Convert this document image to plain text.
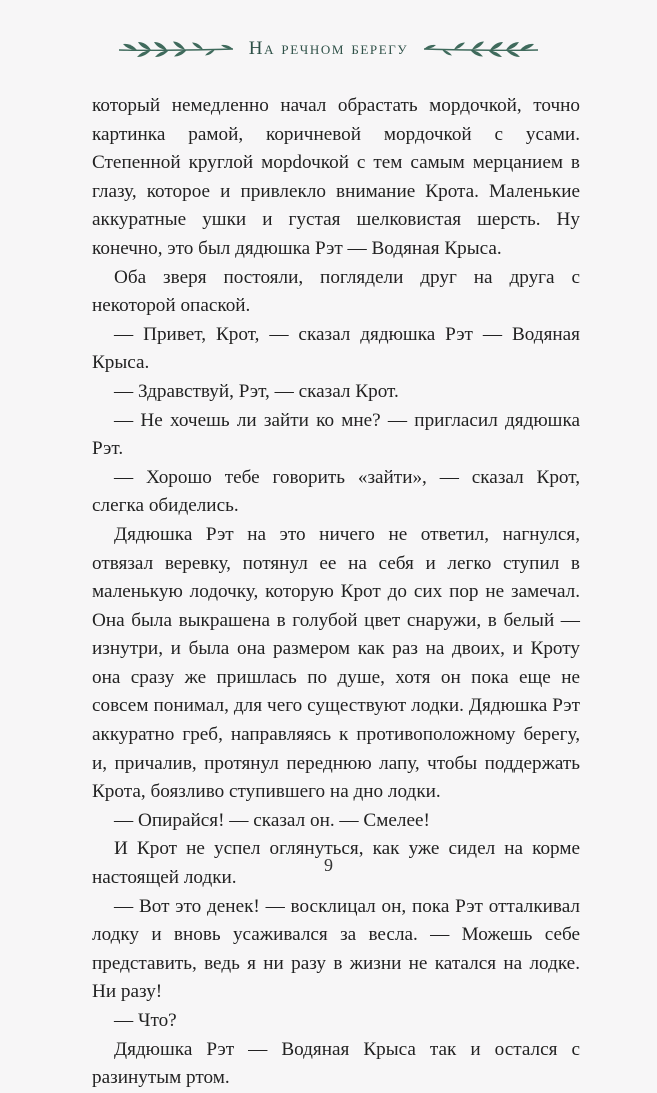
На речном берегу

который немедленно начал обрастать мордочкой, точно картинка рамой, коричневой мордочкой с усами. Степенной круглой морdочкой с тем самым мерцанием в глазу, которое и привлекло внимание Крота. Маленькие аккуратные ушки и густая шелковистая шерсть. Ну конечно, это был дядюшка Рэт — Водяная Крыса.

Оба зверя постояли, поглядели друг на друга с некоторой опаской.

— Привет, Крот, — сказал дядюшка Рэт — Водяная Крыса.

— Здравствуй, Рэт, — сказал Крот.

— Не хочешь ли зайти ко мне? — пригласил дядюшка Рэт.

— Хорошо тебе говорить «зайти», — сказал Крот, слегка обиделись.

Дядюшка Рэт на это ничего не ответил, нагнулся, отвязал веревку, потянул ее на себя и легко ступил в маленькую лодочку, которую Крот до сих пор не замечал. Она была выкрашена в голубой цвет снаружи, в белый — изнутри, и была она размером как раз на двоих, и Кроту она сразу же пришлась по душе, хотя он пока еще не совсем понимал, для чего существуют лодки. Дядюшка Рэт аккуратно греб, направляясь к противоположному берегу, и, причалив, протянул переднюю лапу, чтобы поддержать Крота, боязливо ступившего на дно лодки.

— Опирайся! — сказал он. — Смелее!

И Крот не успел оглянуться, как уже сидел на корме настоящей лодки.

— Вот это денек! — восклицал он, пока Рэт отталкивал лодку и вновь усаживался за весла. — Можешь себе представить, ведь я ни разу в жизни не катался на лодке. Ни разу!

— Что?

Дядюшка Рэт — Водяная Крыса так и остался с разинутым ртом.

9
